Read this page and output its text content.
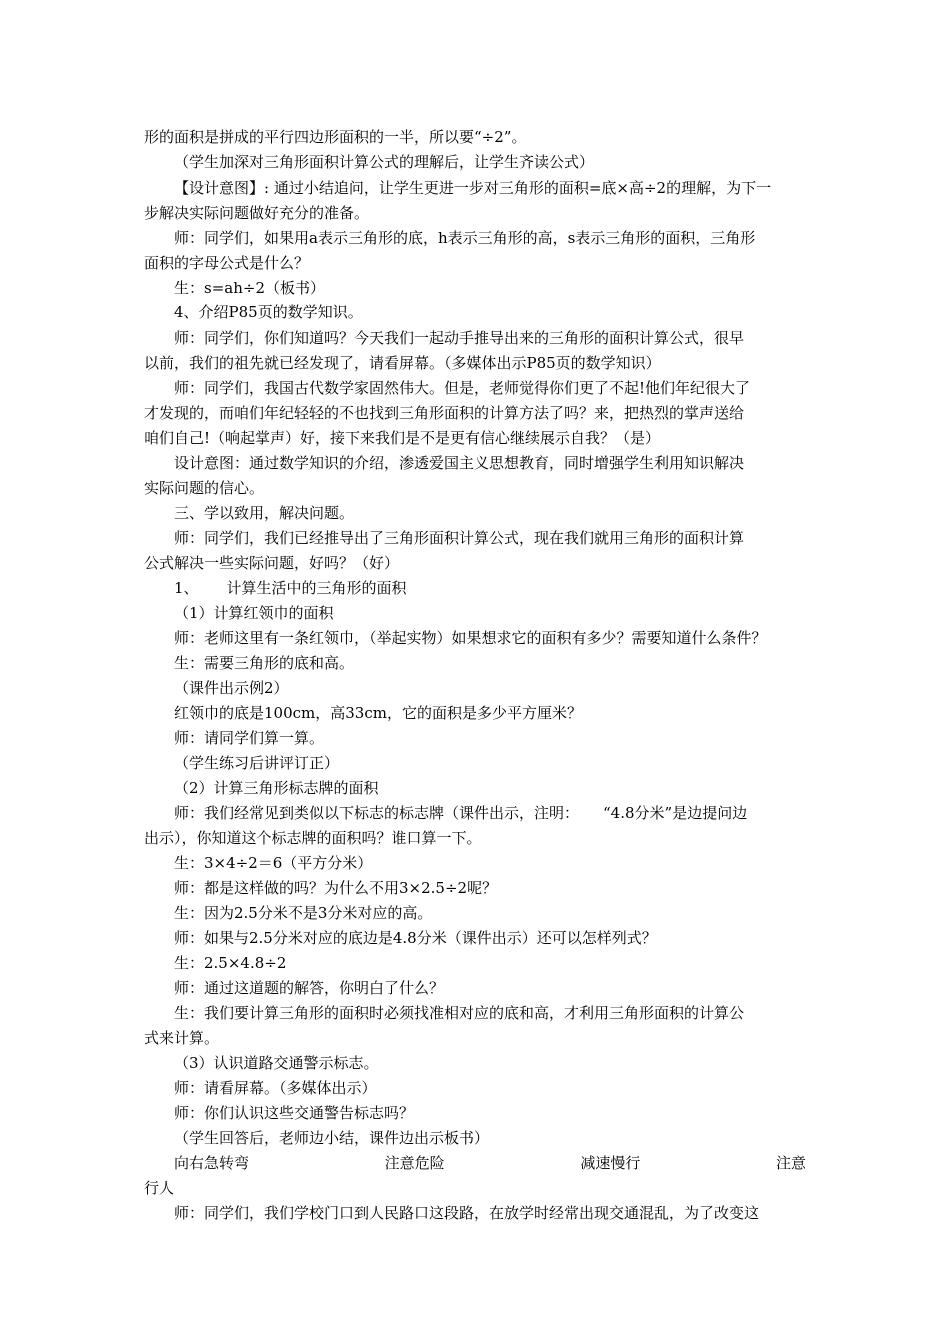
形的面积是拼成的平行四边形面积的一半，所以要“÷2”。
（学生加深对三角形面积计算公式的理解后，让学生齐读公式）
【设计意图】: 通过小结追问，让学生更进一步对三角形的面积=底×高÷2的理解，为下一
步解决实际问题做好充分的准备。
师：同学们，如果用a表示三角形的底，h表示三角形的高，s表示三角形的面积，三角形
面积的字母公式是什么？
生：s=ah÷2（板书）
4、介绍P85页的数学知识。
师：同学们，你们知道吗？今天我们一起动手推导出来的三角形的面积计算公式，很早
以前，我们的祖先就已经发现了，请看屏幕。（多媒体出示P85页的数学知识）
师：同学们，我国古代数学家固然伟大。但是，老师觉得你们更了不起!他们年纪很大了
才发现的，而咱们年纪轻轻的不也找到三角形面积的计算方法了吗？来，把热烈的掌声送给
咱们自己!（响起掌声）好，接下来我们是不是更有信心继续展示自我？（是）
设计意图：通过数学知识的介绍，渗透爱国主义思想教育，同时增强学生利用知识解决
实际问题的信心。
三、学以致用，解决问题。
师：同学们，我们已经推导出了三角形面积计算公式，现在我们就用三角形的面积计算
公式解决一些实际问题，好吗？（好）
1、 计算生活中的三角形的面积
（1）计算红领巾的面积
师：老师这里有一条红领巾，（举起实物）如果想求它的面积有多少？需要知道什么条件？
生：需要三角形的底和高。
（课件出示例2）
红领巾的底是100cm，高33cm，它的面积是多少平方厘米？
师：请同学们算一算。
（学生练习后讲评订正）
（2）计算三角形标志牌的面积
师：我们经常见到类似以下标志的标志牌（课件出示，注明： “4.8分米”是边提问边
出示），你知道这个标志牌的面积吗？谁口算一下。
生：3×4÷2＝6（平方分米）
师：都是这样做的吗？为什么不用3×2.5÷2呢？
生：因为2.5分米不是3分米对应的高。
师：如果与2.5分米对应的底边是4.8分米（课件出示）还可以怎样列式？
生：2.5×4.8÷2
师：通过这道题的解答，你明白了什么？
生：我们要计算三角形的面积时必须找准相对应的底和高，才利用三角形面积的计算公
式来计算。
（3）认识道路交通警示标志。
师：请看屏幕。（多媒体出示）
师：你们认识这些交通警告标志吗？
（学生回答后，老师边小结，课件边出示板书）
向右急转弯	注意危险	减速慢行	注意
行人
师：同学们，我们学校门口到人民路口这段路，在放学时经常出现交通混乱，为了改变这
